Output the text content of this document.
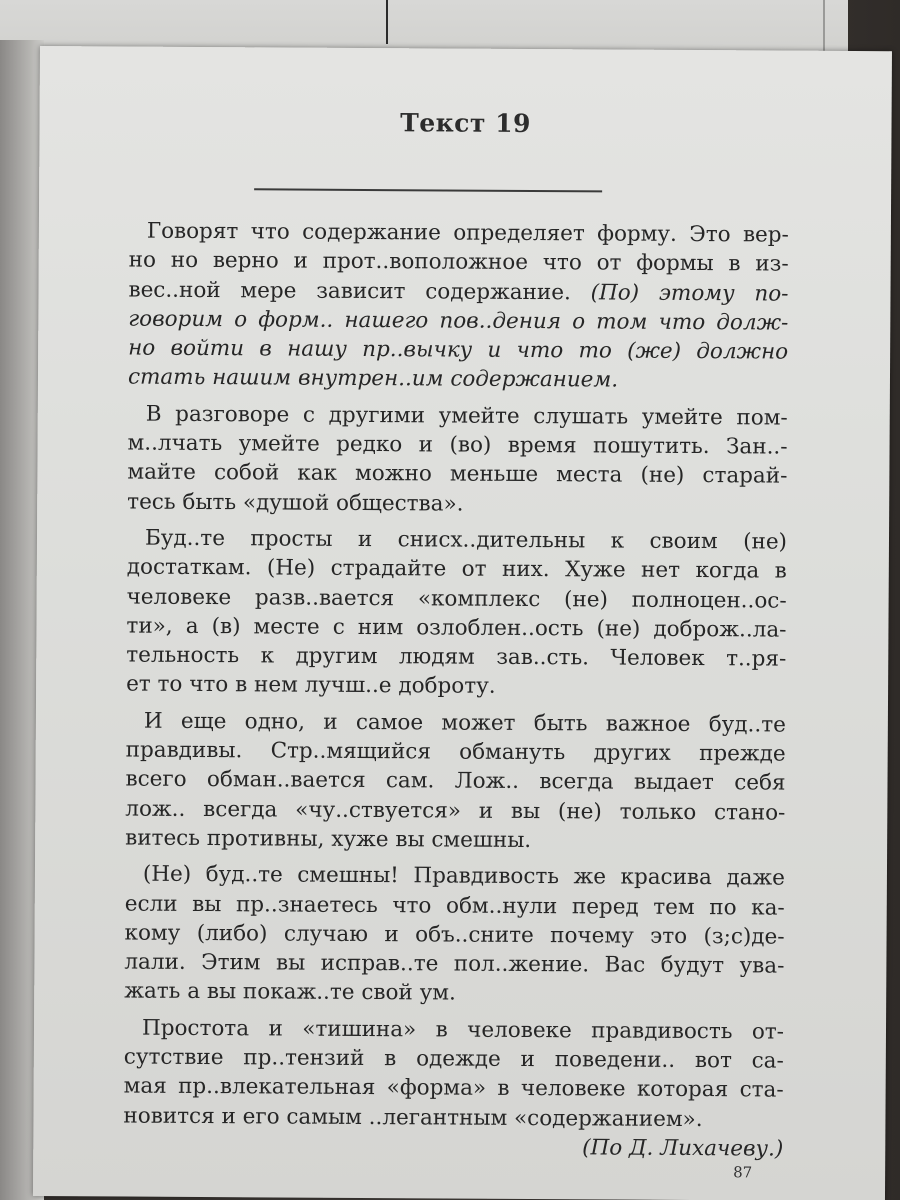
Текст 19

Говорят что содержание определяет форму. Это вер-
но но верно и прот..воположное что от формы в из-
вес..ной мере зависит содержание. (По) этому по-
говорим о форм.. нашего пов..дения о том что долж-
но войти в нашу пр..вычку и что то (же) должно
стать нашим внутрен..им содержанием.

В разговоре с другими умейте слушать умейте пом-
м..лчать умейте редко и (во) время пошутить. Зан..-
майте собой как можно меньше места (не) старай-
тесь быть «душой общества».

Буд..те просты и снисх..дительны к своим (не)
достаткам. (Не) страдайте от них. Хуже нет когда в
человеке разв..вается «комплекс (не) полноцен..ос-
ти», а (в) месте с ним озлоблен..ость (не) доброж..ла-
тельность к другим людям зав..сть. Человек т..ря-
ет то что в нем лучш..е доброту.

И еще одно, и самое может быть важное буд..те
правдивы. Стр..мящийся обмануть других прежде
всего обман..вается сам. Лож.. всегда выдает себя
лож.. всегда «чу..ствуется» и вы (не) только стано-
витесь противны, хуже вы смешны.

(Не) буд..те смешны! Правдивость же красива даже
если вы пр..знаетесь что обм..нули перед тем по ка-
кому (либо) случаю и объ..сните почему это (з;с)де-
лали. Этим вы исправ..те пол..жение. Вас будут ува-
жать а вы покаж..те свой ум.

Простота и «тишина» в человеке правдивость от-
сутствие пр..тензий в одежде и поведени.. вот са-
мая пр..влекательная «форма» в человеке которая ста-
новится и его самым ..легантным «содержанием».
(По Д. Лихачеву.)

87
